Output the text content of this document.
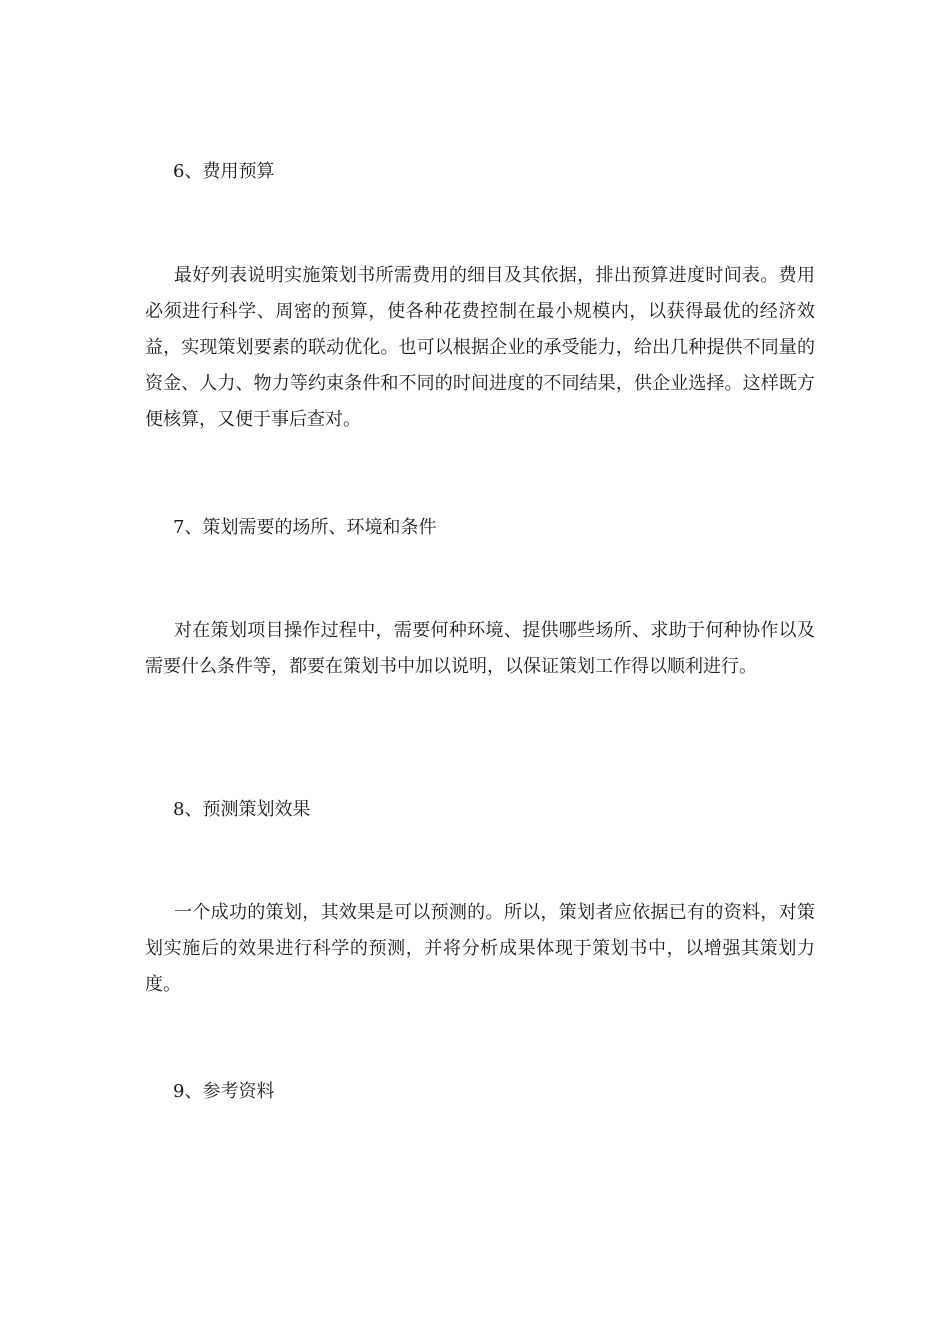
6、费用预算
最好列表说明实施策划书所需费用的细目及其依据，排出预算进度时间表。费用必须进行科学、周密的预算，使各种花费控制在最小规模内，以获得最优的经济效益，实现策划要素的联动优化。也可以根据企业的承受能力，给出几种提供不同量的资金、人力、物力等约束条件和不同的时间进度的不同结果，供企业选择。这样既方便核算，又便于事后查对。
7、策划需要的场所、环境和条件
对在策划项目操作过程中，需要何种环境、提供哪些场所、求助于何种协作以及需要什么条件等，都要在策划书中加以说明，以保证策划工作得以顺利进行。
8、预测策划效果
一个成功的策划，其效果是可以预测的。所以，策划者应依据已有的资料，对策划实施后的效果进行科学的预测，并将分析成果体现于策划书中，以增强其策划力度。
9、参考资料
